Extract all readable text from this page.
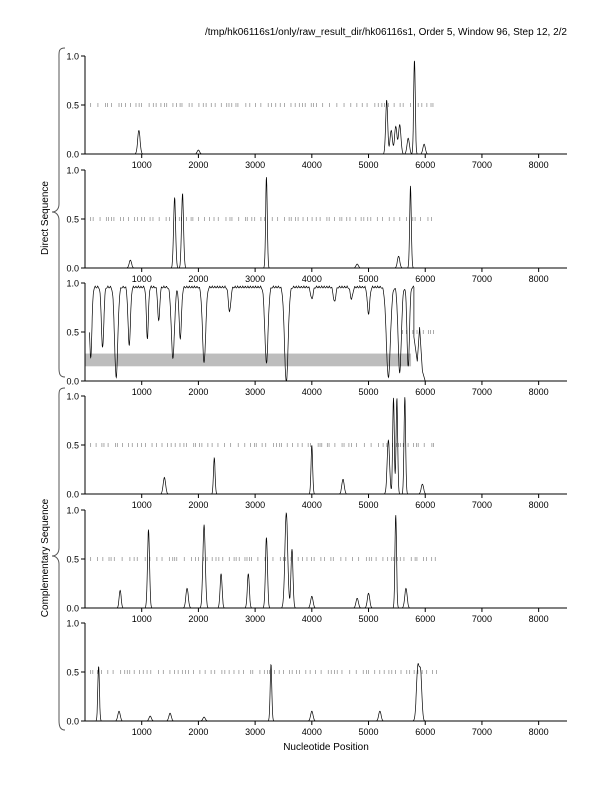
/tmp/hk06116s1/only/raw_result_dir/hk06116s1, Order 5, Window 96, Step 12, 2/2
0.0
0.5
1.0
1000	2000	3000	4000	5000	6000	7000	8000
0.0
0.5
1.0
1000	2000	3000	4000	5000	6000	7000	8000
0.0
0.5
1.0
1000	2000	3000	4000	5000	6000	7000	8000
0.0
0.5
1.0
1000	2000	3000	4000	5000	6000	7000	8000
0.0
0.5
1.0
1000	2000	3000	4000	5000	6000	7000	8000
0.0
0.5
1.0
1000	2000	3000	4000	5000	6000	7000	8000
Nucleotide Position
Direct Sequence
Complementary Sequence
